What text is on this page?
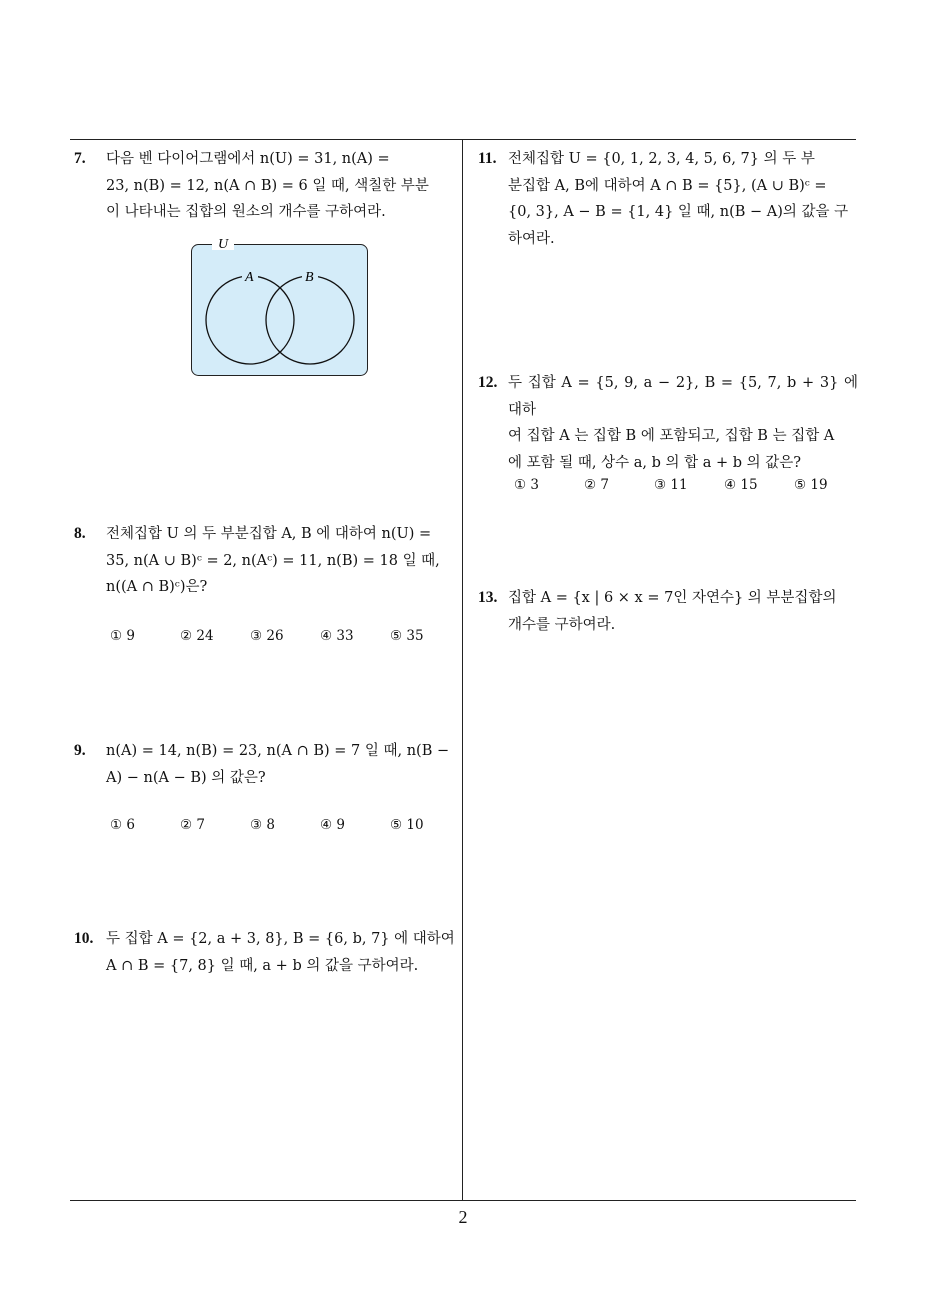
7. 다음 벤 다이어그램에서 n(U) = 31, n(A) =
23, n(B) = 12, n(A ∩ B) = 6 일 때, 색칠한 부분
이 나타내는 집합의 원소의 개수를 구하여라.
U
A	B
8. 전체집합 U 의 두 부분집합 A, B 에 대하여 n(U) =
35, n(A ∪ B)ᶜ = 2, n(Aᶜ) = 11, n(B) = 18 일 때,
n((A ∩ B)ᶜ)은?
① 9	② 24	③ 26	④ 33	⑤ 35
9. n(A) = 14, n(B) = 23, n(A ∩ B) = 7 일 때, n(B −
A) − n(A − B) 의 값은?
① 6	② 7	③ 8	④ 9	⑤ 10
10. 두 집합 A = {2, a + 3, 8}, B = {6, b, 7} 에 대하여
A ∩ B = {7, 8} 일 때, a + b 의 값을 구하여라.
11. 전체집합 U = {0, 1, 2, 3, 4, 5, 6, 7} 의 두 부
분집합 A, B에 대하여 A ∩ B = {5}, (A ∪ B)ᶜ =
{0, 3}, A − B = {1, 4} 일 때, n(B − A)의 값을 구
하여라.
12. 두 집합 A = {5, 9, a − 2}, B = {5, 7, b + 3} 에 대하
여 집합 A 는 집합 B 에 포함되고, 집합 B 는 집합 A
에 포함 될 때, 상수 a, b 의 합 a + b 의 값은?
① 3	② 7	③ 11	④ 15	⑤ 19
13. 집합 A = {x | 6 × x = 7인 자연수} 의 부분집합의
개수를 구하여라.
2
